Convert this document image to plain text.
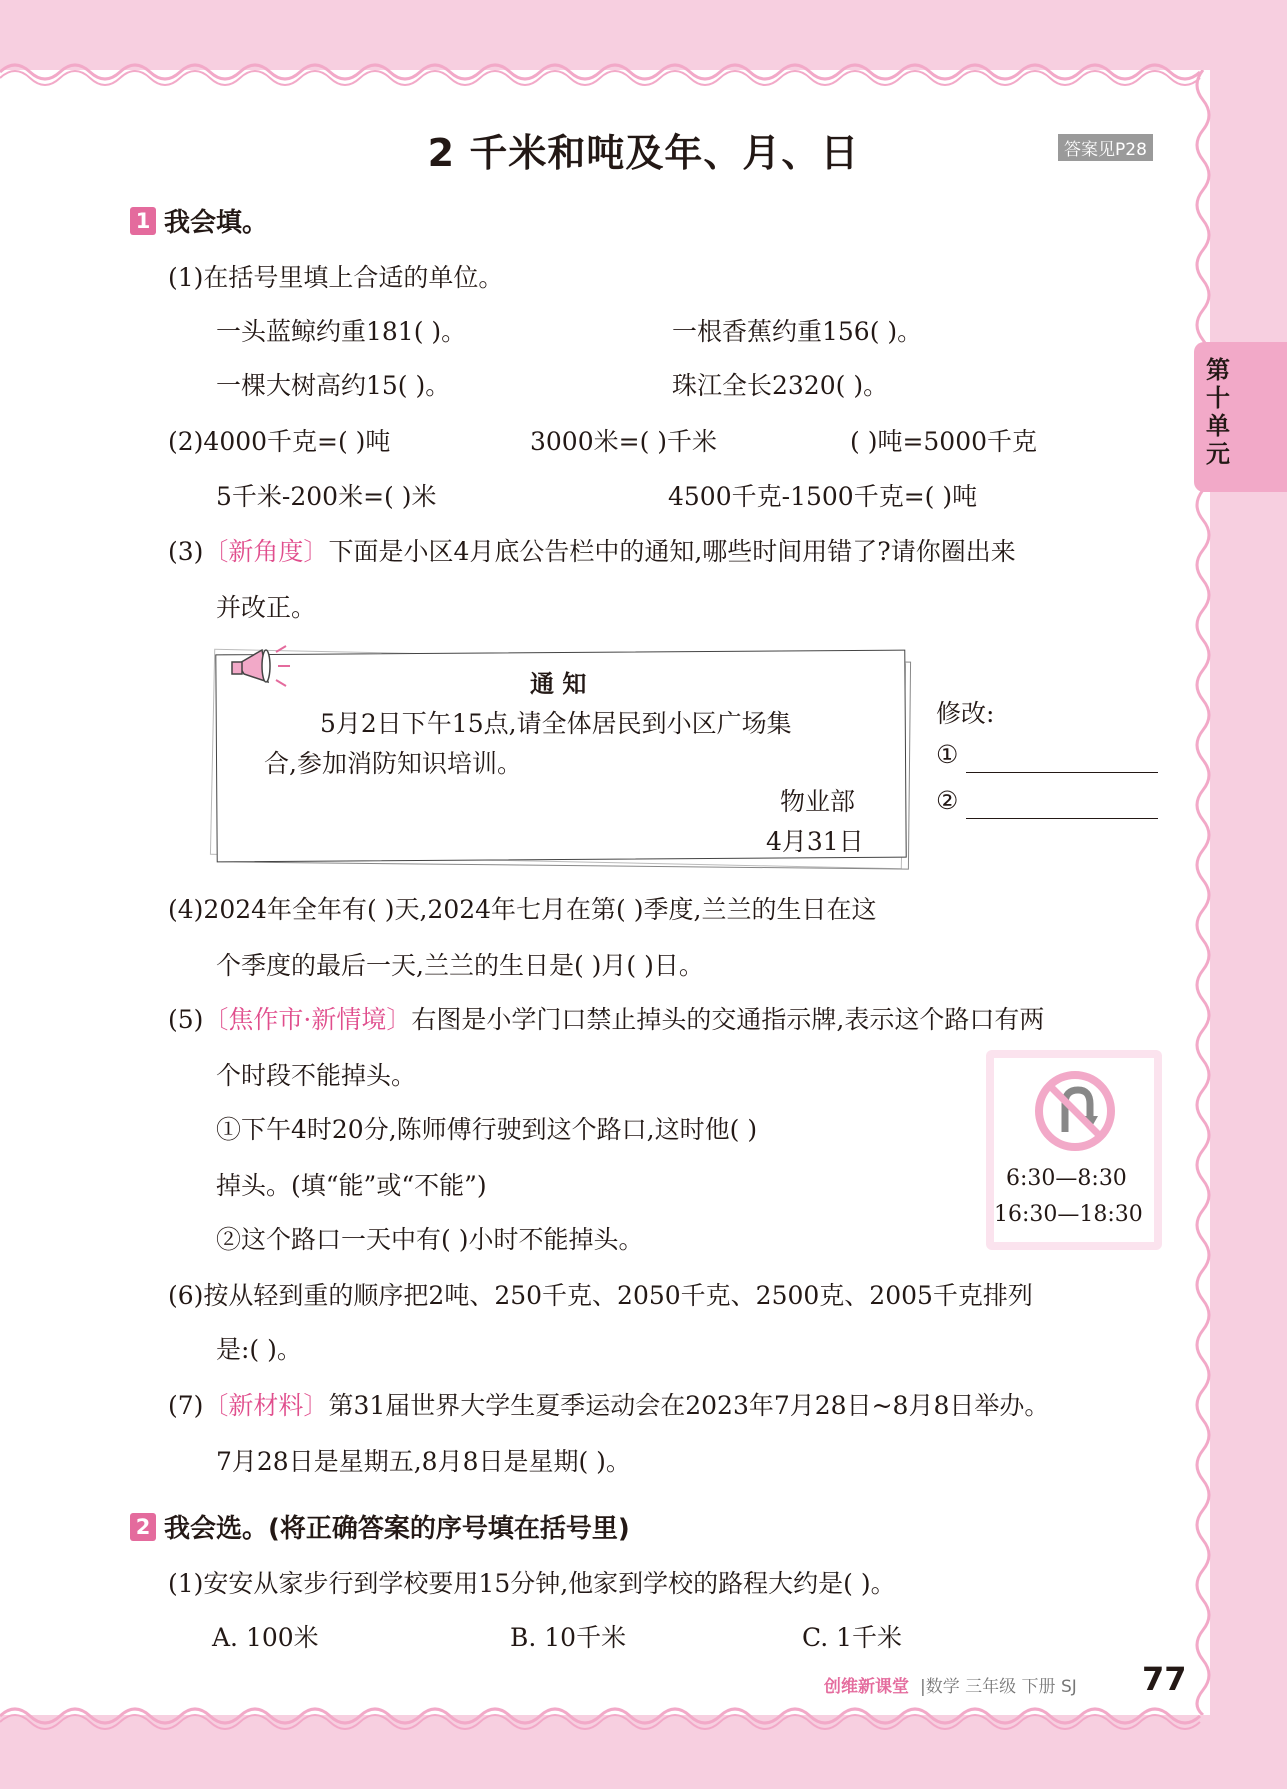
2 千米和吨及年、月、日	答案见P28
第十单元
1 我会填。
(1)在括号里填上合适的单位。
一头蓝鲸约重181( )。	一根香蕉约重156( )。
一棵大树高约15( )。	珠江全长2320( )。
(2)4000千克=( )吨	3000米=( )千米	( )吨=5000千克
5千米-200米=( )米	4500千克-1500千克=( )吨
(3)〔新角度〕下面是小区4月底公告栏中的通知,哪些时间用错了?请你圈出来
并改正。
通 知
5月2日下午15点,请全体居民到小区广场集
合,参加消防知识培训。
物业部
4月31日
修改:
①
②
(4)2024年全年有( )天,2024年七月在第( )季度,兰兰的生日在这
个季度的最后一天,兰兰的生日是( )月( )日。
(5)〔焦作市·新情境〕右图是小学门口禁止掉头的交通指示牌,表示这个路口有两
个时段不能掉头。
①下午4时20分,陈师傅行驶到这个路口,这时他( )
掉头。(填“能”或“不能”)
②这个路口一天中有( )小时不能掉头。
6:30—8:30
16:30—18:30
(6)按从轻到重的顺序把2吨、250千克、2050千克、2500克、2005千克排列
是:( )。
(7)〔新材料〕第31届世界大学生夏季运动会在2023年7月28日~8月8日举办。
7月28日是星期五,8月8日是星期( )。
2 我会选。(将正确答案的序号填在括号里)
(1)安安从家步行到学校要用15分钟,他家到学校的路程大约是( )。
A. 100米	B. 10千米	C. 1千米
创维新课堂 |数学 三年级 下册 SJ 77
